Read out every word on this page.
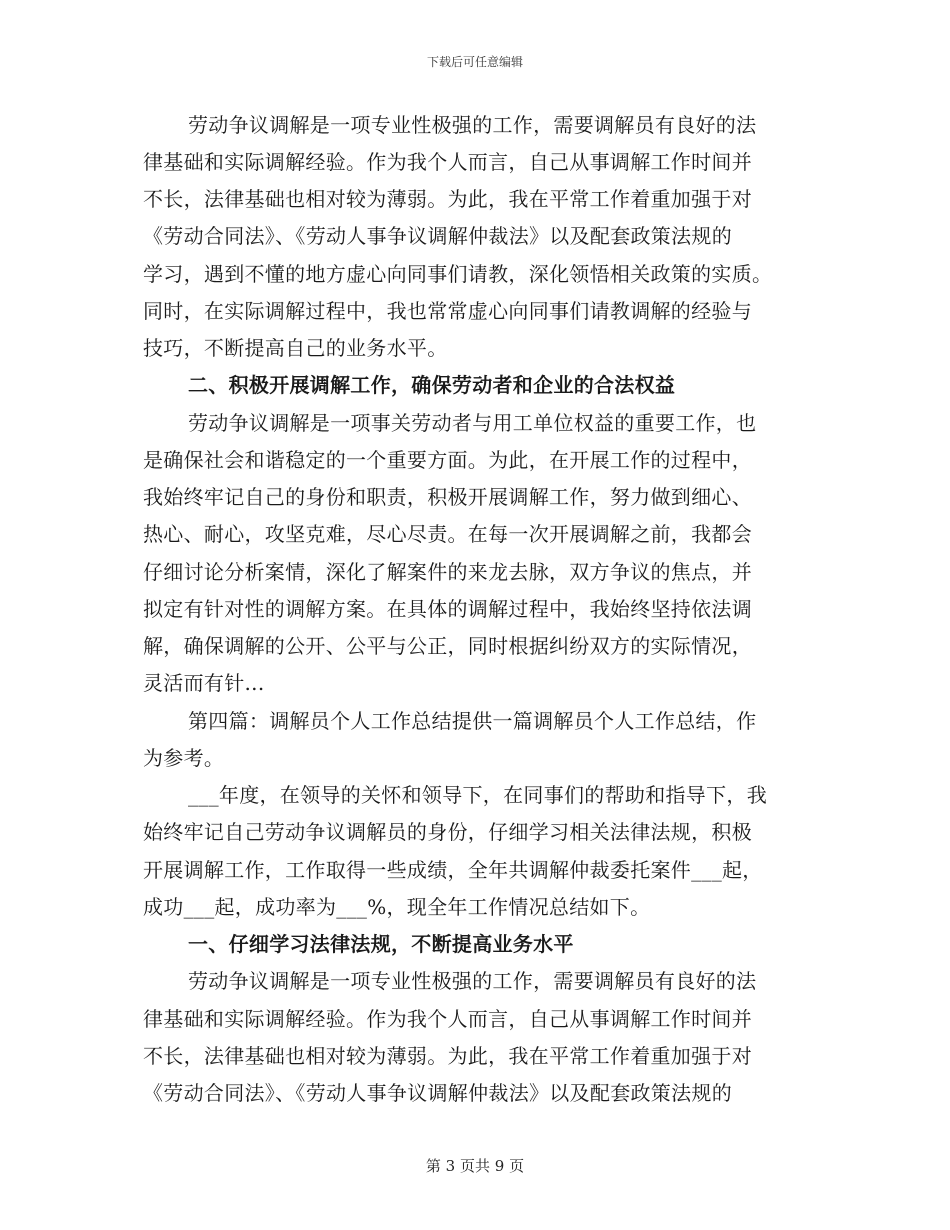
下载后可任意编辑
劳动争议调解是一项专业性极强的工作，需要调解员有良好的法
律基础和实际调解经验。作为我个人而言，自己从事调解工作时间并
不长，法律基础也相对较为薄弱。为此，我在平常工作着重加强于对
《劳动合同法》、《劳动人事争议调解仲裁法》以及配套政策法规的
学习，遇到不懂的地方虚心向同事们请教，深化领悟相关政策的实质。
同时，在实际调解过程中，我也常常虚心向同事们请教调解的经验与
技巧，不断提高自己的业务水平。
二、积极开展调解工作，确保劳动者和企业的合法权益
劳动争议调解是一项事关劳动者与用工单位权益的重要工作，也
是确保社会和谐稳定的一个重要方面。为此，在开展工作的过程中，
我始终牢记自己的身份和职责，积极开展调解工作，努力做到细心、
热心、耐心，攻坚克难，尽心尽责。在每一次开展调解之前，我都会
仔细讨论分析案情，深化了解案件的来龙去脉，双方争议的焦点，并
拟定有针对性的调解方案。在具体的调解过程中，我始终坚持依法调
解，确保调解的公开、公平与公正，同时根据纠纷双方的实际情况，
灵活而有针...
第四篇：调解员个人工作总结提供一篇调解员个人工作总结，作
为参考。
___年度，在领导的关怀和领导下，在同事们的帮助和指导下，我
始终牢记自己劳动争议调解员的身份，仔细学习相关法律法规，积极
开展调解工作，工作取得一些成绩，全年共调解仲裁委托案件___起，
成功___起，成功率为___%，现全年工作情况总结如下。
一、仔细学习法律法规，不断提高业务水平
劳动争议调解是一项专业性极强的工作，需要调解员有良好的法
律基础和实际调解经验。作为我个人而言，自己从事调解工作时间并
不长，法律基础也相对较为薄弱。为此，我在平常工作着重加强于对
《劳动合同法》、《劳动人事争议调解仲裁法》以及配套政策法规的
第 3 页共 9 页
